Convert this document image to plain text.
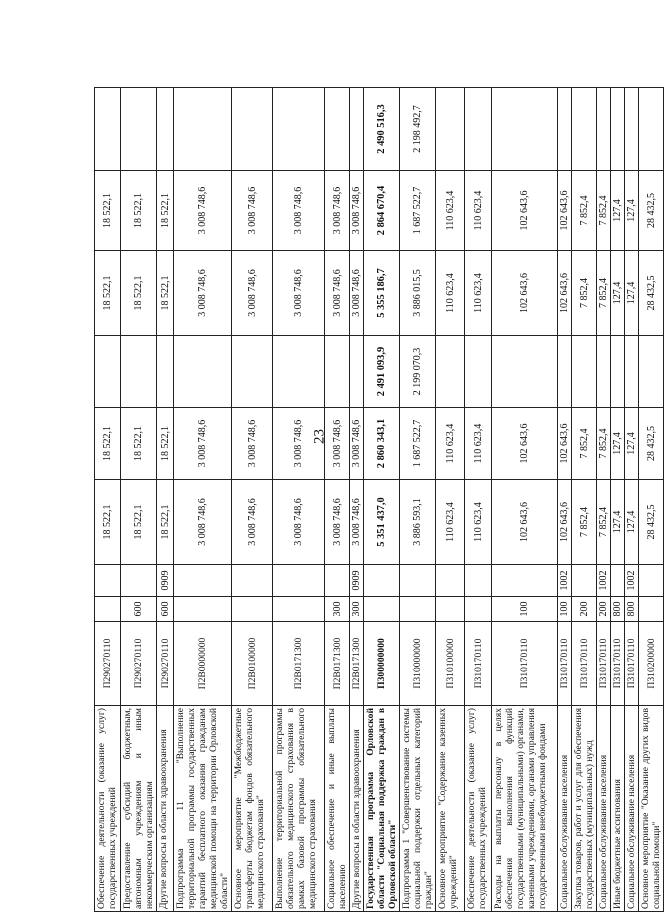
23
Обеспечение деятельности (оказание услуг) государственных учреждений	П290270110			18 522,1	18 522,1		18 522,1	18 522,1	
Предоставление субсидий бюджетным, автономным учреждениям и иным некоммерческим организациям	П290270110	600		18 522,1	18 522,1		18 522,1	18 522,1	
Другие вопросы в области здравоохранения	П290270110	600	0909	18 522,1	18 522,1		18 522,1	18 522,1	
Подпрограмма 11 "Выполнение территориальной программы государственных гарантий бесплатного оказания гражданам медицинской помощи на территории Орловской области"	П2В0000000			3 008 748,6	3 008 748,6		3 008 748,6	3 008 748,6	
Основное мероприятие "Межбюджетные трансферты бюджетам фондов обязательного медицинского страхования"	П2В0100000			3 008 748,6	3 008 748,6		3 008 748,6	3 008 748,6	
Выполнение территориальной программы обязательного медицинского страхования в рамках базовой программы обязательного медицинского страхования	П2В0171300			3 008 748,6	3 008 748,6		3 008 748,6	3 008 748,6	
Социальное обеспечение и иные выплаты населению	П2В0171300	300		3 008 748,6	3 008 748,6		3 008 748,6	3 008 748,6	
Другие вопросы в области здравоохранения	П2В0171300	300	0909	3 008 748,6	3 008 748,6		3 008 748,6	3 008 748,6	
Государственная программа Орловской области "Социальная поддержка граждан в Орловской области"	П300000000			5 351 437,0	2 860 343,1	2 491 093,9	5 355 186,7	2 864 670,4	2 490 516,3
Подпрограмма 1 "Совершенствование системы социальной поддержки отдельных категорий граждан"	П310000000			3 886 593,1	1 687 522,7	2 199 070,3	3 886 015,5	1 687 522,7	2 198 492,7
Основное мероприятие "Содержание казенных учреждений"	П310100000			110 623,4	110 623,4		110 623,4	110 623,4	
Обеспечение деятельности (оказание услуг) государственных учреждений	П310170110			110 623,4	110 623,4		110 623,4	110 623,4	
Расходы на выплаты персоналу в целях обеспечения выполнения функций государственными (муниципальными) органами, казенными учреждениями, органами управления государственными внебюджетными фондами	П310170110	100		102 643,6	102 643,6		102 643,6	102 643,6	
Социальное обслуживание населения	П310170110	100	1002	102 643,6	102 643,6		102 643,6	102 643,6	
Закупка товаров, работ и услуг для обеспечения государственных (муниципальных) нужд	П310170110	200		7 852,4	7 852,4		7 852,4	7 852,4	
Социальное обслуживание населения	П310170110	200	1002	7 852,4	7 852,4		7 852,4	7 852,4	
Иные бюджетные ассигнования	П310170110	800		127,4	127,4		127,4	127,4	
Социальное обслуживание населения	П310170110	800	1002	127,4	127,4		127,4	127,4	
Основное мероприятие "Оказание других видов социальной помощи"	П310200000			28 432,5	28 432,5		28 432,5	28 432,5	
